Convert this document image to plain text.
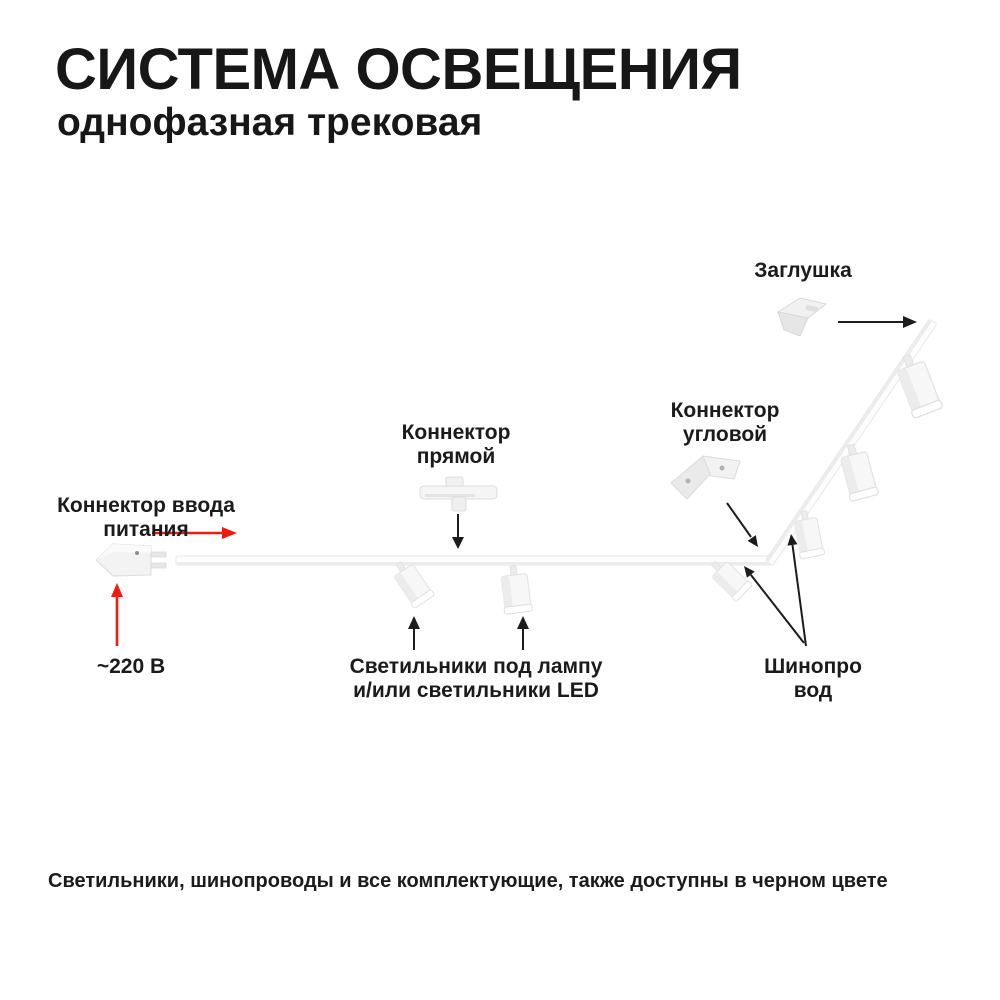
СИСТЕМА ОСВЕЩЕНИЯ
однофазная трековая
Заглушка
Коннектор
угловой
Коннектор
прямой
Коннектор ввода
питания
~220 В	Светильники под лампу
и/или светильники LED
Шинопро
вод
Светильники, шинопроводы и все комплектующие, также доступны в черном цвете
